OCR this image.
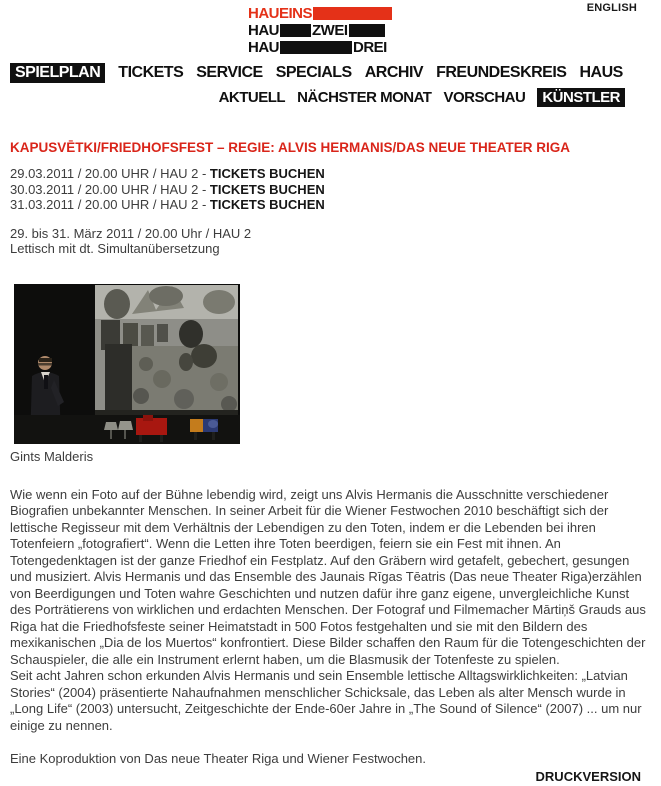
ENGLISH
HAUEINS
HAU ZWEI
HAU	DREI
SPIELPLAN	TICKETS SERVICE SPECIALS ARCHIV FREUNDESKREIS HAUS
AKTUELL NÄCHSTER MONAT VORSCHAU	KÜNSTLER
KAPUSVĒTKI/FRIEDHOFSFEST – REGIE: ALVIS HERMANIS/DAS NEUE THEATER RIGA
29.03.2011 / 20.00 UHR / HAU 2 - TICKETS BUCHEN
30.03.2011 / 20.00 UHR / HAU 2 - TICKETS BUCHEN
31.03.2011 / 20.00 UHR / HAU 2 - TICKETS BUCHEN
29. bis 31. März 2011 / 20.00 Uhr / HAU 2
Lettisch mit dt. Simultanübersetzung
Gints Malderis
Wie wenn ein Foto auf der Bühne lebendig wird, zeigt uns Alvis Hermanis die Ausschnitte verschiedener Biografien unbekannter Menschen. In seiner Arbeit für die Wiener Festwochen 2010 beschäftigt sich der lettische Regisseur mit dem Verhältnis der Lebendigen zu den Toten, indem er die Lebenden bei ihren Totenfeiern „fotografiert“. Wenn die Letten ihre Toten beerdigen, feiern sie ein Fest mit ihnen. An Totengedenktagen ist der ganze Friedhof ein Festplatz. Auf den Gräbern wird getafelt, gebechert, gesungen und musiziert. Alvis Hermanis und das Ensemble des Jaunais Rīgas Tēatris (Das neue Theater Riga)erzählen von Beerdigungen und Toten wahre Geschichten und nutzen dafür ihre ganz eigene, unvergleichliche Kunst des Porträtierens von wirklichen und erdachten Menschen. Der Fotograf und Filmemacher Mārtiņš Grauds aus Riga hat die Friedhofsfeste seiner Heimatstadt in 500 Fotos festgehalten und sie mit den Bildern des mexikanischen „Dia de los Muertos“ konfrontiert. Diese Bilder schaffen den Raum für die Totengeschichten der Schauspieler, die alle ein Instrument erlernt haben, um die Blasmusik der Totenfeste zu spielen.
Seit acht Jahren schon erkunden Alvis Hermanis und sein Ensemble lettische Alltagswirklichkeiten: „Latvian Stories“ (2004) präsentierte Nahaufnahmen menschlicher Schicksale, das Leben als alter Mensch wurde in „Long Life“ (2003) untersucht, Zeitgeschichte der Ende-60er Jahre in „The Sound of Silence“ (2007) ... um nur einige zu nennen.
Eine Koproduktion von Das neue Theater Riga und Wiener Festwochen.
DRUCKVERSION
